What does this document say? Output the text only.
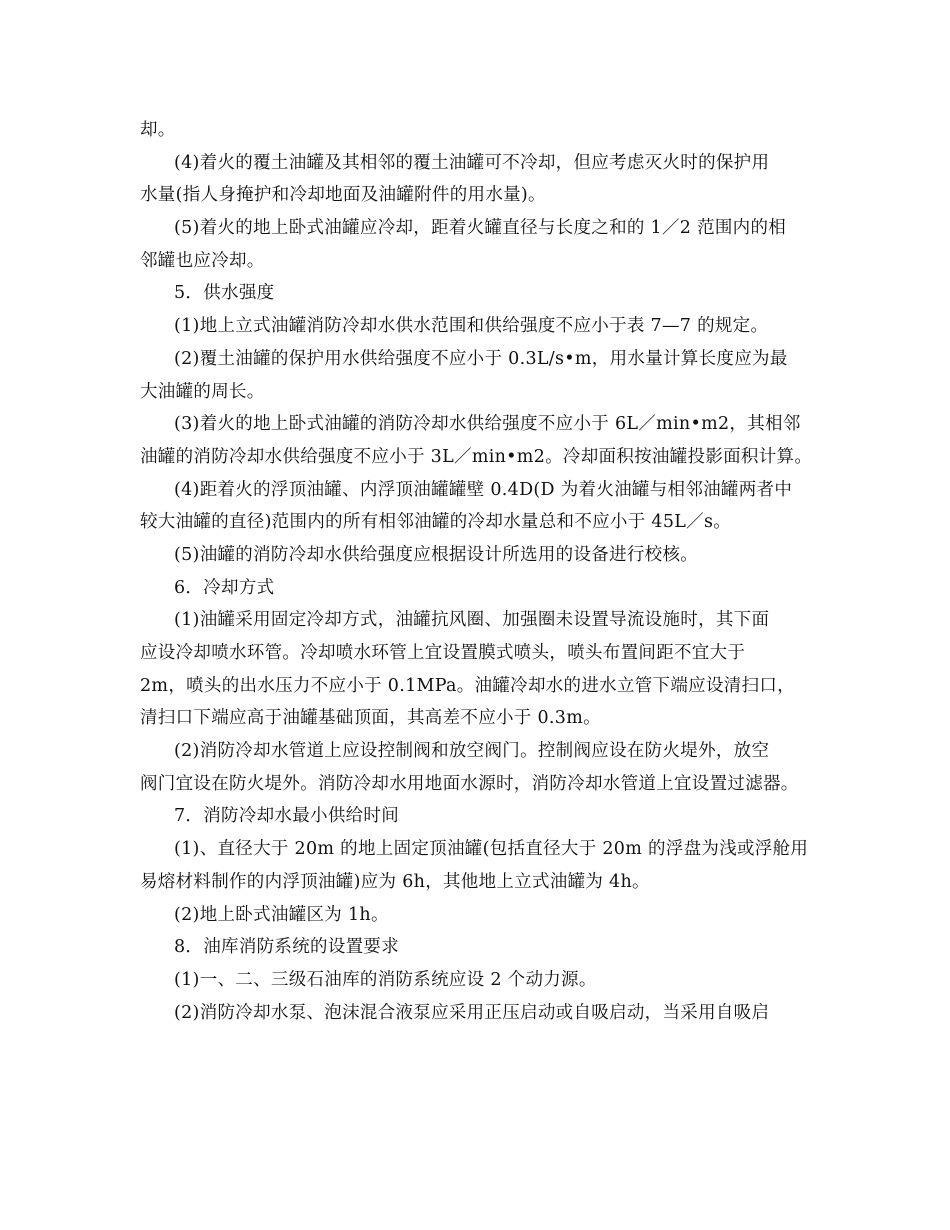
却。
(4)着火的覆土油罐及其相邻的覆土油罐可不冷却，但应考虑灭火时的保护用
水量(指人身掩护和冷却地面及油罐附件的用水量)。
(5)着火的地上卧式油罐应冷却，距着火罐直径与长度之和的 1／2 范围内的相
邻罐也应冷却。
5．供水强度
(1)地上立式油罐消防冷却水供水范围和供给强度不应小于表 7—7 的规定。
(2)覆土油罐的保护用水供给强度不应小于 0.3L/s•m，用水量计算长度应为最
大油罐的周长。
(3)着火的地上卧式油罐的消防冷却水供给强度不应小于 6L／min•m2，其相邻
油罐的消防冷却水供给强度不应小于 3L／min•m2。冷却面积按油罐投影面积计算。
(4)距着火的浮顶油罐、内浮顶油罐罐壁 0.4D(D 为着火油罐与相邻油罐两者中
较大油罐的直径)范围内的所有相邻油罐的冷却水量总和不应小于 45L／s。
(5)油罐的消防冷却水供给强度应根据设计所选用的设备进行校核。
6．冷却方式
(1)油罐采用固定冷却方式，油罐抗风圈、加强圈未设置导流设施时，其下面
应设冷却喷水环管。冷却喷水环管上宜设置膜式喷头，喷头布置间距不宜大于
2m，喷头的出水压力不应小于 0.1MPa。油罐冷却水的进水立管下端应设清扫口，
清扫口下端应高于油罐基础顶面，其高差不应小于 0.3m。
(2)消防冷却水管道上应设控制阀和放空阀门。控制阀应设在防火堤外，放空
阀门宜设在防火堤外。消防冷却水用地面水源时，消防冷却水管道上宜设置过滤器。
7．消防冷却水最小供给时间
(1)、直径大于 20m 的地上固定顶油罐(包括直径大于 20m 的浮盘为浅或浮舱用
易熔材料制作的内浮顶油罐)应为 6h，其他地上立式油罐为 4h。
(2)地上卧式油罐区为 1h。
8．油库消防系统的设置要求
(1)一、二、三级石油库的消防系统应设 2 个动力源。
(2)消防冷却水泵、泡沫混合液泵应采用正压启动或自吸启动，当采用自吸启
